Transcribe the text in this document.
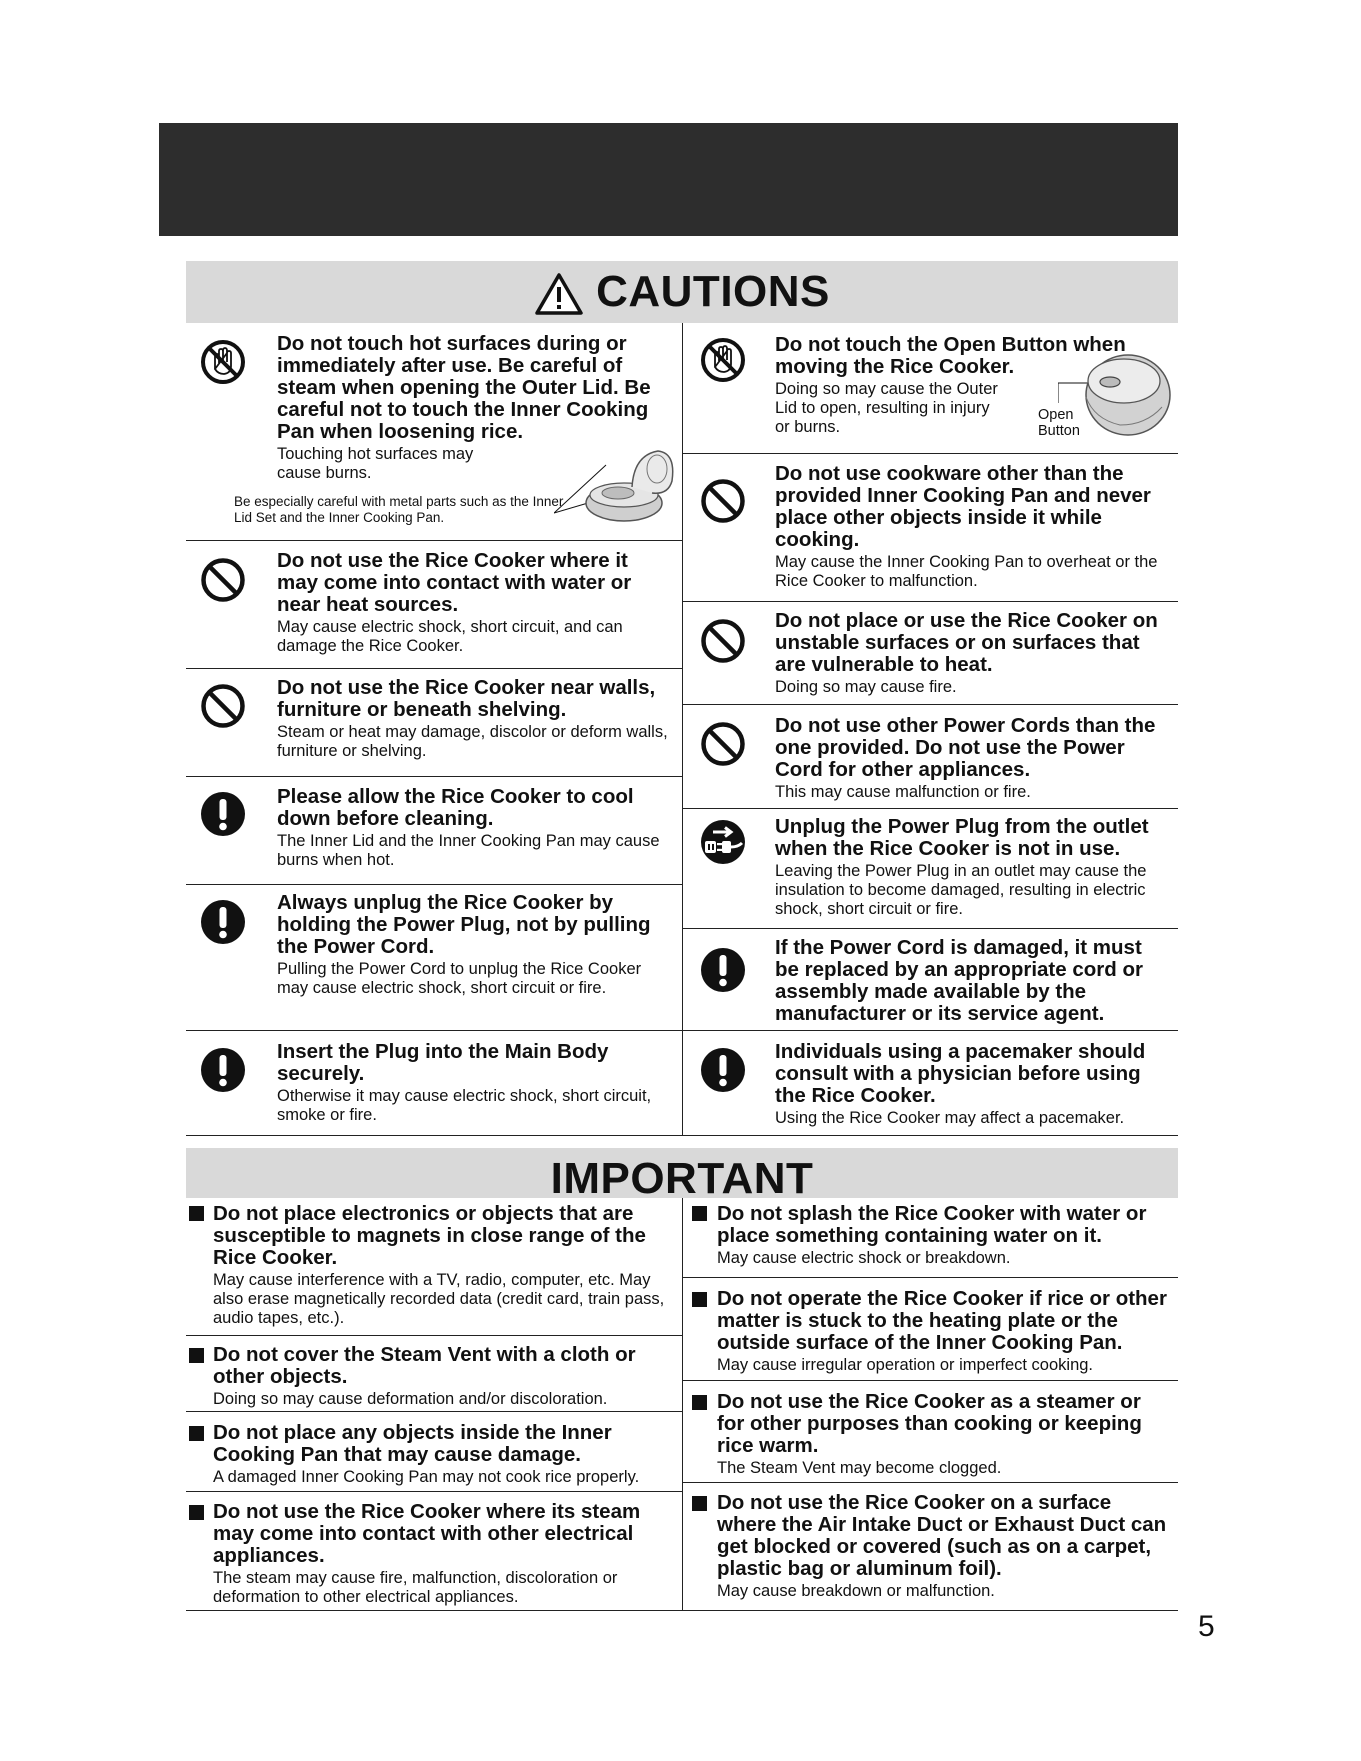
CAUTIONS

Do not touch hot surfaces during or immediately after use. Be careful of steam when opening the Outer Lid. Be careful not to touch the Inner Cooking Pan when loosening rice.

Touching hot surfaces may cause burns.

Be especially careful with metal parts such as the Inner Lid Set and the Inner Cooking Pan.

Do not use the Rice Cooker where it may come into contact with water or near heat sources.

May cause electric shock, short circuit, and can damage the Rice Cooker.

Do not use the Rice Cooker near walls, furniture or beneath shelving.

Steam or heat may damage, discolor or deform walls, furniture or shelving.

Please allow the Rice Cooker to cool down before cleaning.

The Inner Lid and the Inner Cooking Pan may cause burns when hot.

Always unplug the Rice Cooker by holding the Power Plug, not by pulling the Power Cord.

Pulling the Power Cord to unplug the Rice Cooker may cause electric shock, short circuit or fire.

Insert the Plug into the Main Body securely.

Otherwise it may cause electric shock, short circuit, smoke or fire.

Do not touch the Open Button when moving the Rice Cooker.

Doing so may cause the Outer Lid to open, resulting in injury or burns.

Open Button

Do not use cookware other than the provided Inner Cooking Pan and never place other objects inside it while cooking.

May cause the Inner Cooking Pan to overheat or the Rice Cooker to malfunction.

Do not place or use the Rice Cooker on unstable surfaces or on surfaces that are vulnerable to heat.

Doing so may cause fire.

Do not use other Power Cords than the one provided. Do not use the Power Cord for other appliances.

This may cause malfunction or fire.

Unplug the Power Plug from the outlet when the Rice Cooker is not in use.

Leaving the Power Plug in an outlet may cause the insulation to become damaged, resulting in electric shock, short circuit or fire.

If the Power Cord is damaged, it must be replaced by an appropriate cord or assembly made available by the manufacturer or its service agent.

Individuals using a pacemaker should consult with a physician before using the Rice Cooker.

Using the Rice Cooker may affect a pacemaker.

IMPORTANT

Do not place electronics or objects that are susceptible to magnets in close range of the Rice Cooker.

May cause interference with a TV, radio, computer, etc. May also erase magnetically recorded data (credit card, train pass, audio tapes, etc.).

Do not cover the Steam Vent with a cloth or other objects.

Doing so may cause deformation and/or discoloration.

Do not place any objects inside the Inner Cooking Pan that may cause damage.

A damaged Inner Cooking Pan may not cook rice properly.

Do not use the Rice Cooker where its steam may come into contact with other electrical appliances.

The steam may cause fire, malfunction, discoloration or deformation to other electrical appliances.

Do not splash the Rice Cooker with water or place something containing water on it.

May cause electric shock or breakdown.

Do not operate the Rice Cooker if rice or other matter is stuck to the heating plate or the outside surface of the Inner Cooking Pan.

May cause irregular operation or imperfect cooking.

Do not use the Rice Cooker as a steamer or for other purposes than cooking or keeping rice warm.

The Steam Vent may become clogged.

Do not use the Rice Cooker on a surface where the Air Intake Duct or Exhaust Duct can get blocked or covered (such as on a carpet, plastic bag or aluminum foil).

May cause breakdown or malfunction.

5
